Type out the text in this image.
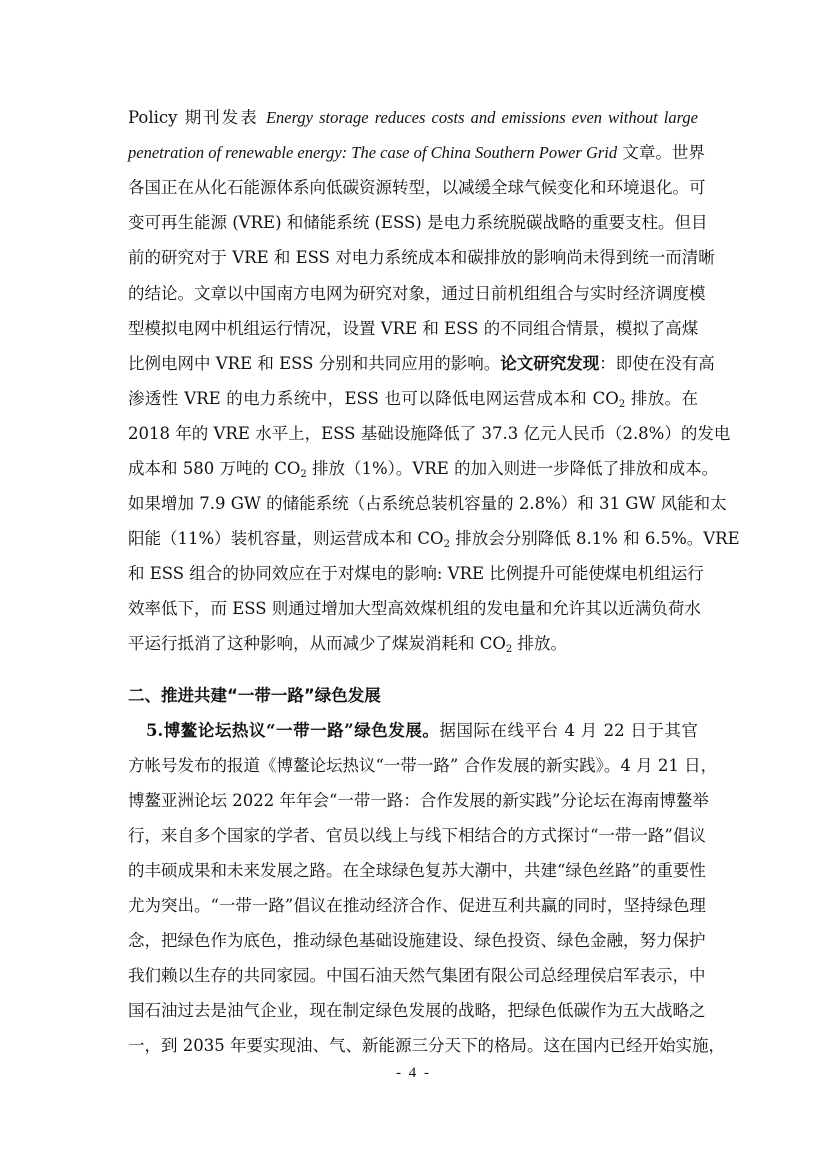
Policy 期刊发表 Energy storage reduces costs and emissions even without large
penetration of renewable energy: The case of China Southern Power Grid 文章。世界
各国正在从化石能源体系向低碳资源转型，以减缓全球气候变化和环境退化。可
变可再生能源 (VRE) 和储能系统 (ESS) 是电力系统脱碳战略的重要支柱。但目
前的研究对于 VRE 和 ESS 对电力系统成本和碳排放的影响尚未得到统一而清晰
的结论。文章以中国南方电网为研究对象，通过日前机组组合与实时经济调度模
型模拟电网中机组运行情况，设置 VRE 和 ESS 的不同组合情景，模拟了高煤
比例电网中 VRE 和 ESS 分别和共同应用的影响。论文研究发现：即使在没有高
渗透性 VRE 的电力系统中，ESS 也可以降低电网运营成本和 $CO_2$ 排放。在
2018 年的 VRE 水平上，ESS 基础设施降低了 37.3 亿元人民币（2.8%）的发电
成本和 580 万吨的 $CO_2$ 排放（1%）。VRE 的加入则进一步降低了排放和成本。
如果增加 7.9 GW 的储能系统（占系统总装机容量的 2.8%）和 31 GW 风能和太
阳能（11%）装机容量，则运营成本和 $CO_2$ 排放会分别降低 8.1% 和 6.5%。VRE
和 ESS 组合的协同效应在于对煤电的影响: VRE 比例提升可能使煤电机组运行
效率低下，而 ESS 则通过增加大型高效煤机组的发电量和允许其以近满负荷水
平运行抵消了这种影响，从而减少了煤炭消耗和 $CO_2$ 排放。
二、推进共建“一带一路”绿色发展
5.博鳌论坛热议“一带一路”绿色发展。据国际在线平台 4 月 22 日于其官
方帐号发布的报道《博鳌论坛热议“一带一路” 合作发展的新实践》。4 月 21 日，
博鳌亚洲论坛 2022 年年会“一带一路：合作发展的新实践”分论坛在海南博鳌举
行，来自多个国家的学者、官员以线上与线下相结合的方式探讨“一带一路”倡议
的丰硕成果和未来发展之路。在全球绿色复苏大潮中，共建“绿色丝路”的重要性
尤为突出。“一带一路”倡议在推动经济合作、促进互利共赢的同时，坚持绿色理
念，把绿色作为底色，推动绿色基础设施建设、绿色投资、绿色金融，努力保护
我们赖以生存的共同家园。中国石油天然气集团有限公司总经理侯启军表示，中
国石油过去是油气企业，现在制定绿色发展的战略，把绿色低碳作为五大战略之
一，到 2035 年要实现油、气、新能源三分天下的格局。这在国内已经开始实施，
- 4 -
